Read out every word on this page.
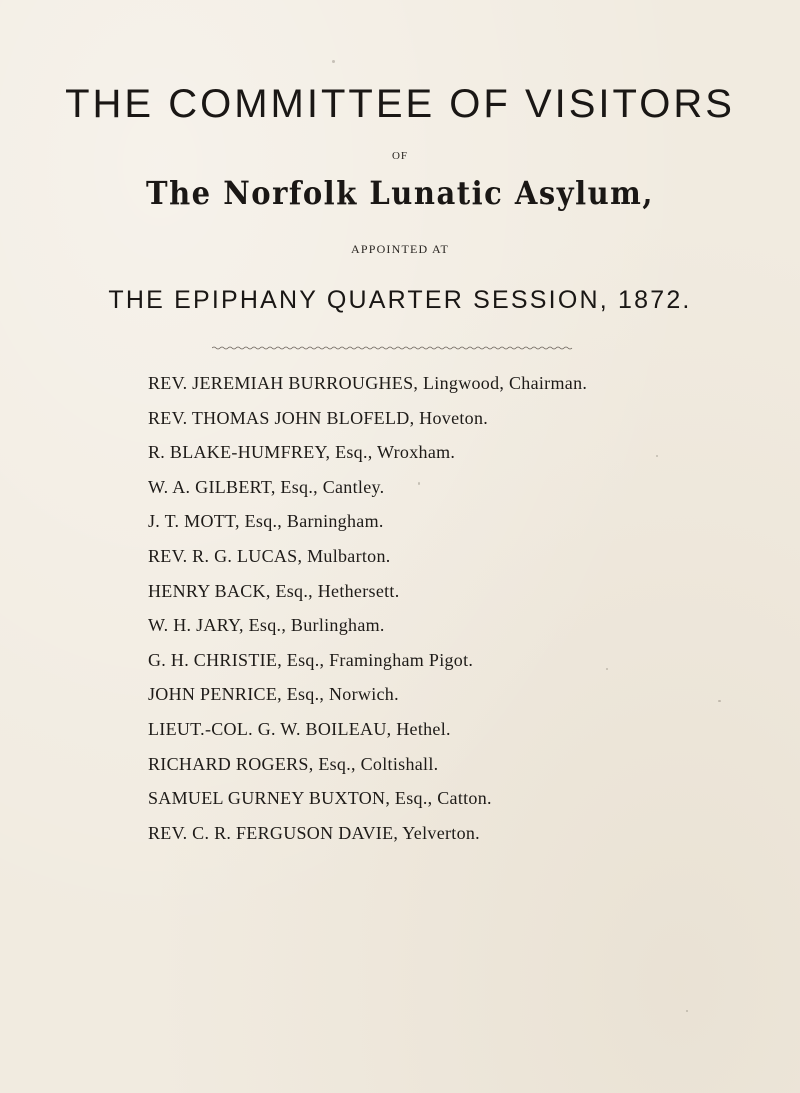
THE COMMITTEE OF VISITORS
OF
The Norfolk Lunatic Asylum,
APPOINTED AT
THE EPIPHANY QUARTER SESSION, 1872.
REV. JEREMIAH BURROUGHES, Lingwood, Chairman.
REV. THOMAS JOHN BLOFELD, Hoveton.
R. BLAKE-HUMFREY, Esq., Wroxham.
W. A. GILBERT, Esq., Cantley.
J. T. MOTT, Esq., Barningham.
REV. R. G. LUCAS, Mulbarton.
HENRY BACK, Esq., Hethersett.
W. H. JARY, Esq., Burlingham.
G. H. CHRISTIE, Esq., Framingham Pigot.
JOHN PENRICE, Esq., Norwich.
LIEUT.-COL. G. W. BOILEAU, Hethel.
RICHARD ROGERS, Esq., Coltishall.
SAMUEL GURNEY BUXTON, Esq., Catton.
REV. C. R. FERGUSON DAVIE, Yelverton.
